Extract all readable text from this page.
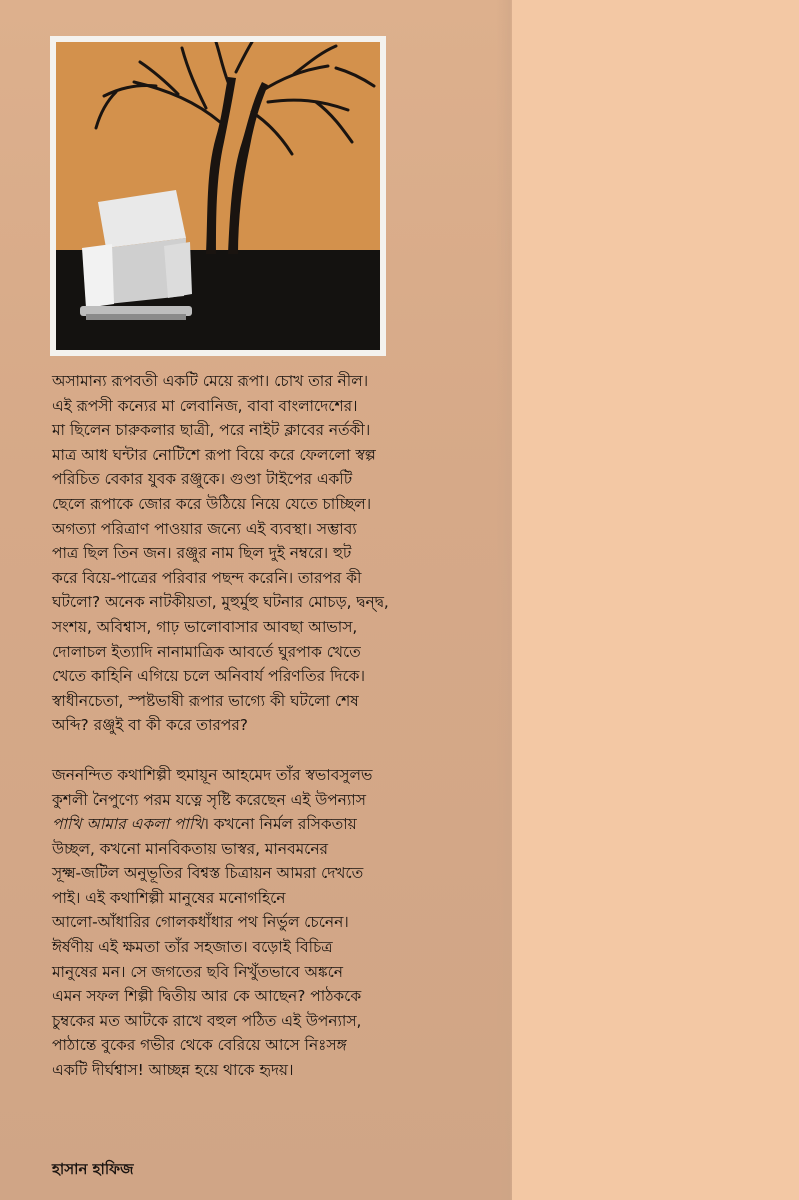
অসামান্য রূপবতী একটি মেয়ে রূপা। চোখ তার নীল।

এই রূপসী কন্যের মা লেবানিজ, বাবা বাংলাদেশের।

মা ছিলেন চারুকলার ছাত্রী, পরে নাইট ক্লাবের নর্তকী।

মাত্র আধ ঘন্টার নোটিশে রূপা বিয়ে করে ফেললো স্বল্প

পরিচিত বেকার যুবক রঞ্জুকে। গুণ্ডা টাইপের একটি

ছেলে রূপাকে জোর করে উঠিয়ে নিয়ে যেতে চাচ্ছিল।

অগত্যা পরিত্রাণ পাওয়ার জন্যে এই ব্যবস্থা। সম্ভাব্য

পাত্র ছিল তিন জন। রঞ্জুর নাম ছিল দুই নম্বরে। হুট

করে বিয়ে-পাত্রের পরিবার পছন্দ করেনি। তারপর কী

ঘটলো? অনেক নাটকীয়তা, মুহুর্মুহু ঘটনার মোচড়, দ্বন্দ্ব,

সংশয়, অবিশ্বাস, গাঢ় ভালোবাসার আবছা আভাস,

দোলাচল ইত্যাদি নানামাত্রিক আবর্তে ঘুরপাক খেতে

খেতে কাহিনি এগিয়ে চলে অনিবার্য পরিণতির দিকে।

স্বাধীনচেতা, স্পষ্টভাষী রূপার ভাগ্যে কী ঘটলো শেষ

অব্দি? রঞ্জুই বা কী করে তারপর?

জননন্দিত কথাশিল্পী হুমায়ূন আহমেদ তাঁর স্বভাবসুলভ

কুশলী নৈপুণ্যে পরম যত্নে সৃষ্টি করেছেন এই উপন্যাস

পাখি আমার একলা পাখি। কখনো নির্মল রসিকতায়

উচ্ছল, কখনো মানবিকতায় ভাস্বর, মানবমনের

সূক্ষ্ম-জটিল অনুভূতির বিশ্বস্ত চিত্রায়ন আমরা দেখতে

পাই। এই কথাশিল্পী মানুষের মনোগহিনে

আলো-আঁধারির গোলকধাঁধার পথ নির্ভুল চেনেন।

ঈর্ষণীয় এই ক্ষমতা তাঁর সহজাত। বড়োই বিচিত্র

মানুষের মন। সে জগতের ছবি নিখুঁতভাবে অঙ্কনে

এমন সফল শিল্পী দ্বিতীয় আর কে আছেন? পাঠককে

চুম্বকের মত আটকে রাখে বহুল পঠিত এই উপন্যাস,

পাঠান্তে বুকের গভীর থেকে বেরিয়ে আসে নিঃসঙ্গ

একটি দীর্ঘশ্বাস! আচ্ছন্ন হয়ে থাকে হৃদয়।

হাসান হাফিজ
